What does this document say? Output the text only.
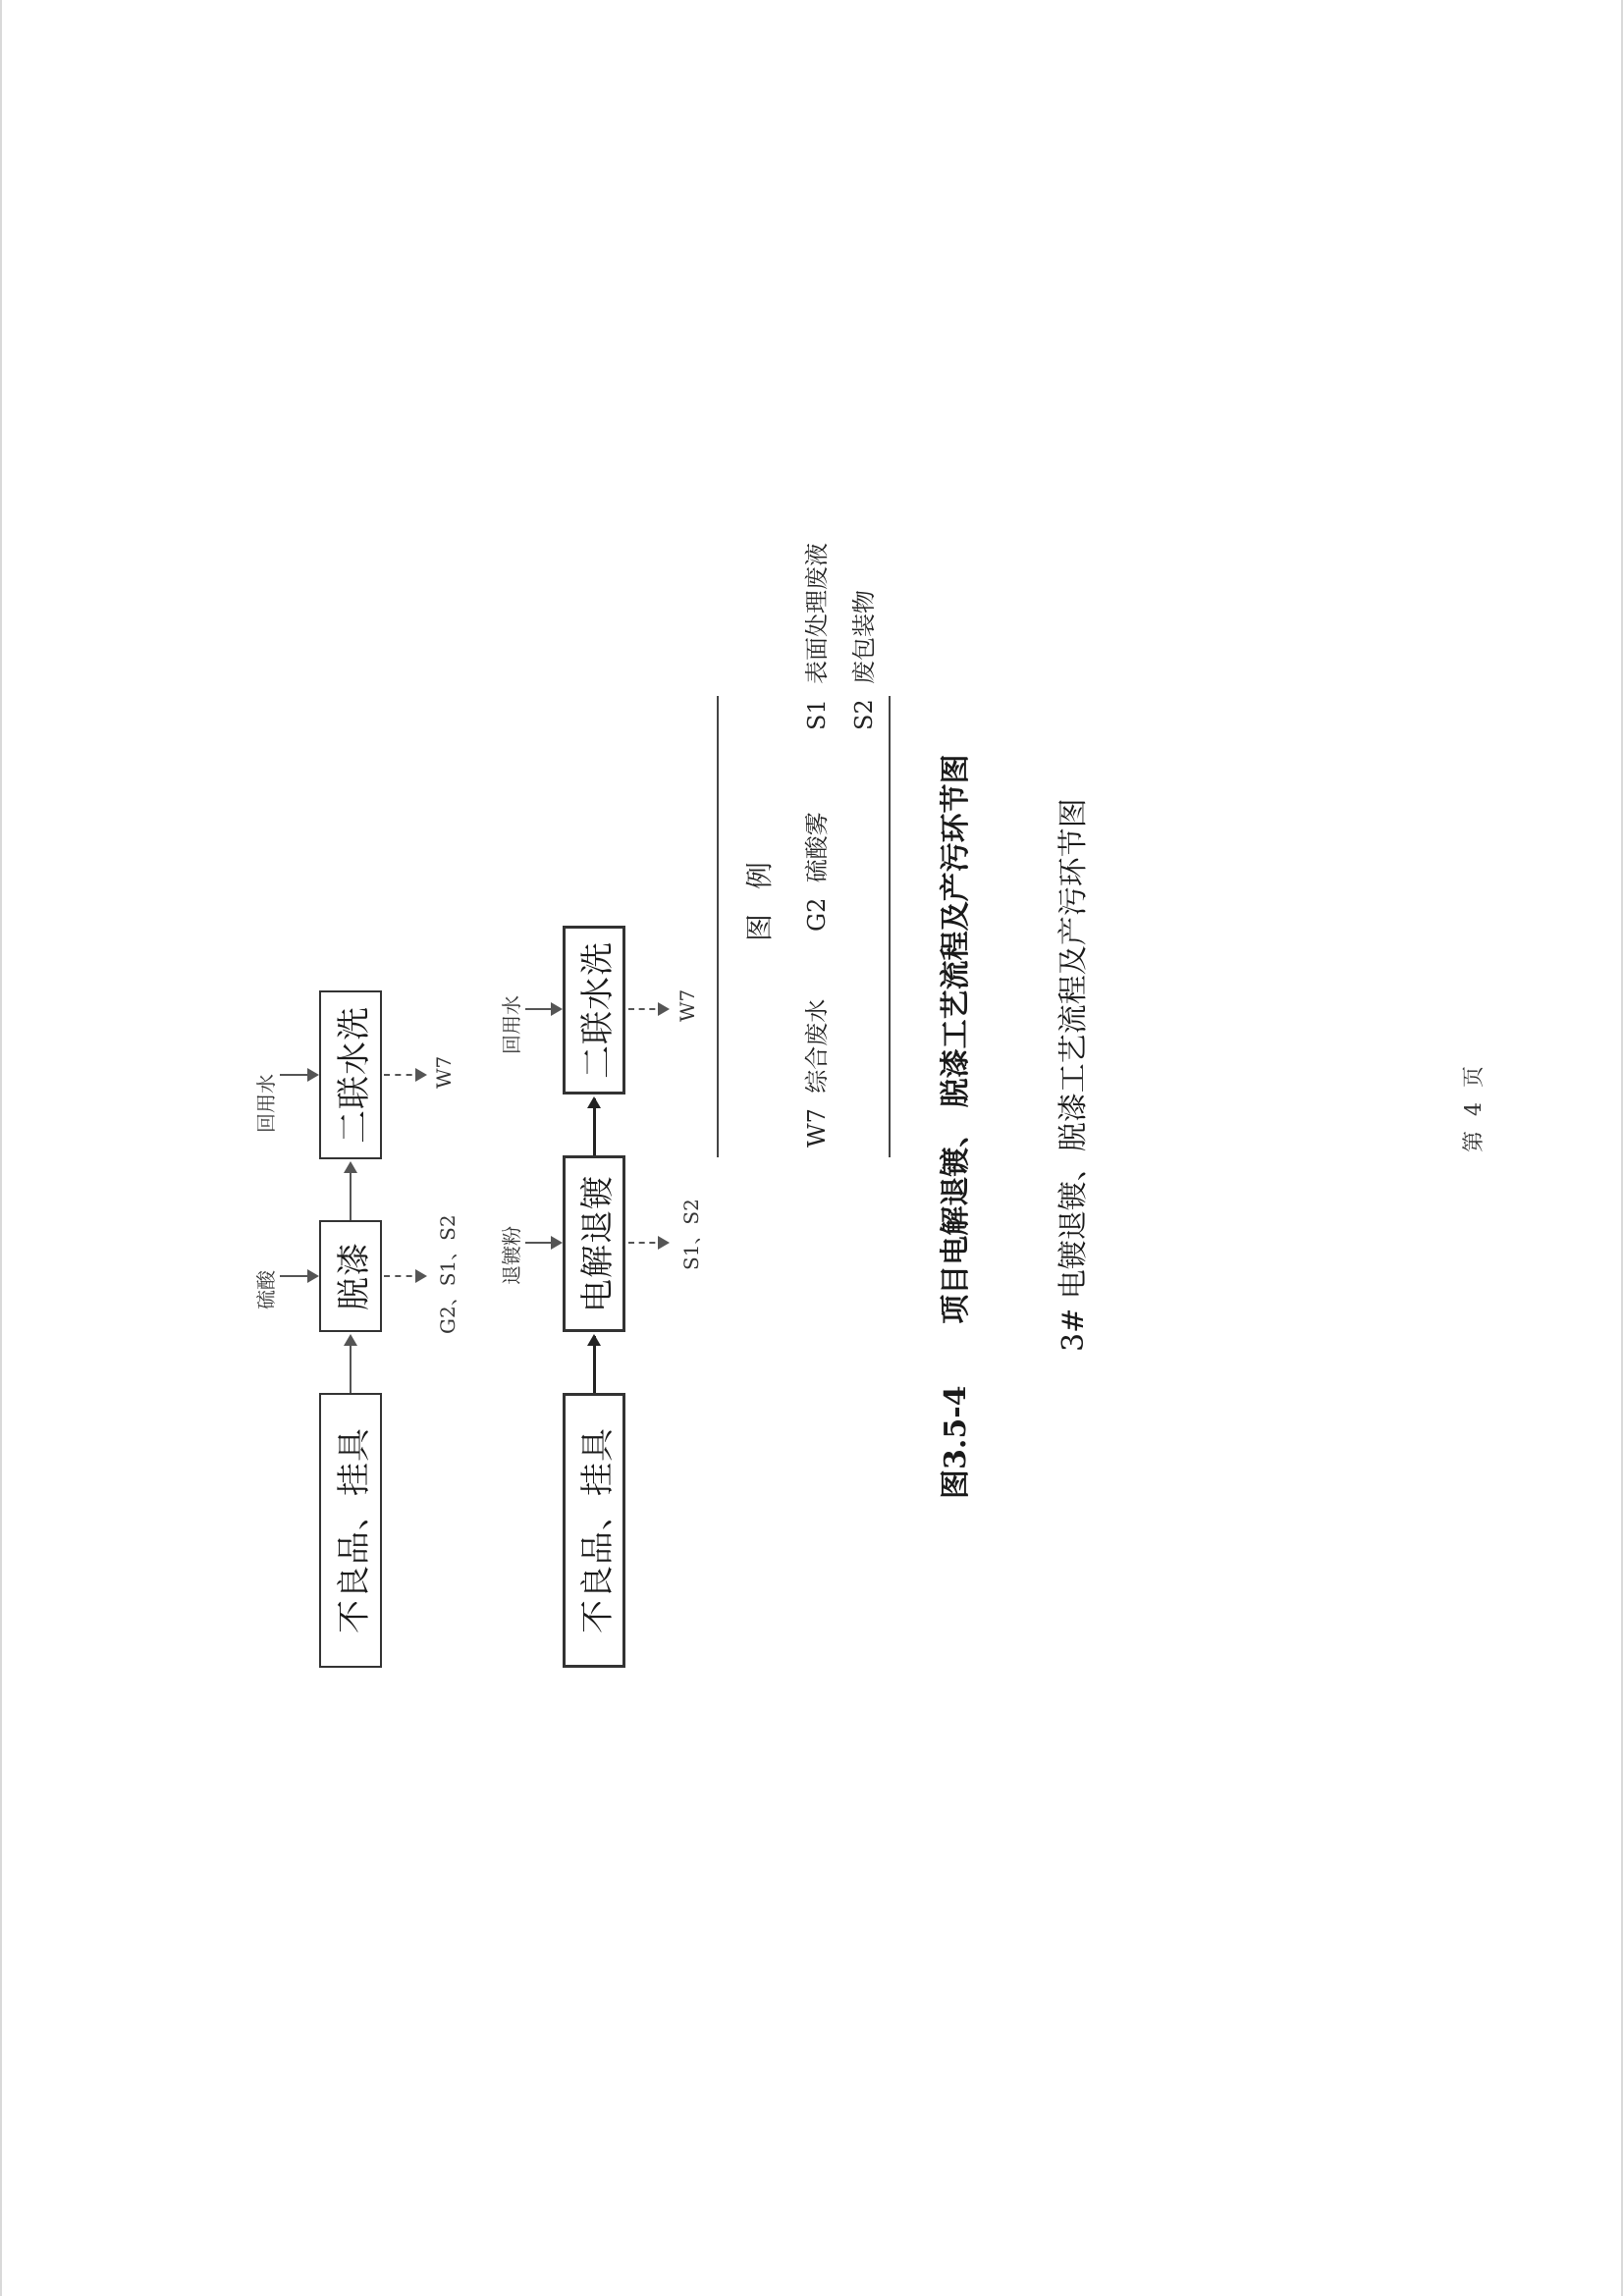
不良品、挂具
脱漆
二联水洗
硫酸
回用水
G2、S1、S2
W7
不良品、挂具
电解退镀
二联水洗
退镀粉
回用水
S1、S2
W7
图 例
W7  综合废水
G2  硫酸雾
S1  表面处理废液
S2  废包装物
图3.5-4      项目电解退镀、 脱漆工艺流程及产污环节图	3# 电镀退镀、脱漆工艺流程及产污环节图	第 4 页
